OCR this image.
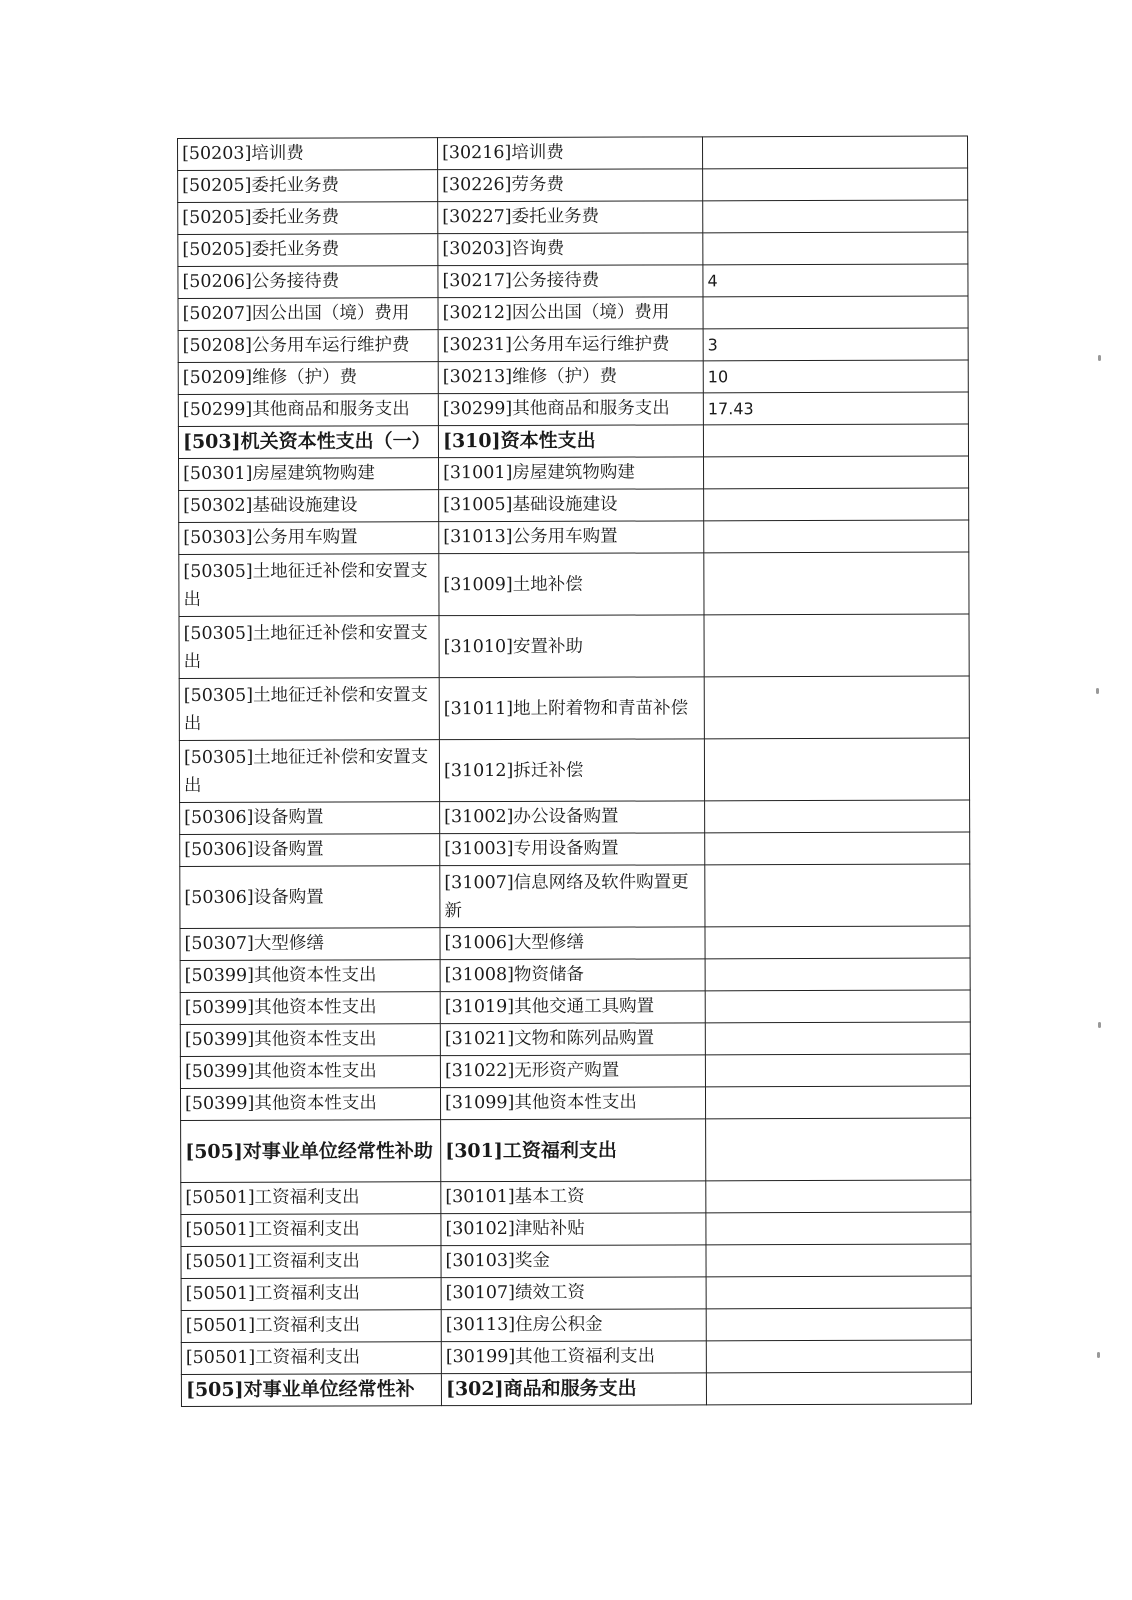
[50203]培训费	[30216]培训费	
[50205]委托业务费	[30226]劳务费	
[50205]委托业务费	[30227]委托业务费	
[50205]委托业务费	[30203]咨询费	
[50206]公务接待费	[30217]公务接待费	4
[50207]因公出国（境）费用	[30212]因公出国（境）费用	
[50208]公务用车运行维护费	[30231]公务用车运行维护费	3
[50209]维修（护）费	[30213]维修（护）费	10
[50299]其他商品和服务支出	[30299]其他商品和服务支出	17.43
[503]机关资本性支出（一）	[310]资本性支出	
[50301]房屋建筑物购建	[31001]房屋建筑物购建	
[50302]基础设施建设	[31005]基础设施建设	
[50303]公务用车购置	[31013]公务用车购置	
[50305]土地征迁补偿和安置支出	[31009]土地补偿	
[50305]土地征迁补偿和安置支出	[31010]安置补助	
[50305]土地征迁补偿和安置支出	[31011]地上附着物和青苗补偿	
[50305]土地征迁补偿和安置支出	[31012]拆迁补偿	
[50306]设备购置	[31002]办公设备购置	
[50306]设备购置	[31003]专用设备购置	
[50306]设备购置	[31007]信息网络及软件购置更新	
[50307]大型修缮	[31006]大型修缮	
[50399]其他资本性支出	[31008]物资储备	
[50399]其他资本性支出	[31019]其他交通工具购置	
[50399]其他资本性支出	[31021]文物和陈列品购置	
[50399]其他资本性支出	[31022]无形资产购置	
[50399]其他资本性支出	[31099]其他资本性支出	
[505]对事业单位经常性补助	[301]工资福利支出	
[50501]工资福利支出	[30101]基本工资	
[50501]工资福利支出	[30102]津贴补贴	
[50501]工资福利支出	[30103]奖金	
[50501]工资福利支出	[30107]绩效工资	
[50501]工资福利支出	[30113]住房公积金	
[50501]工资福利支出	[30199]其他工资福利支出	
[505]对事业单位经常性补	[302]商品和服务支出	
